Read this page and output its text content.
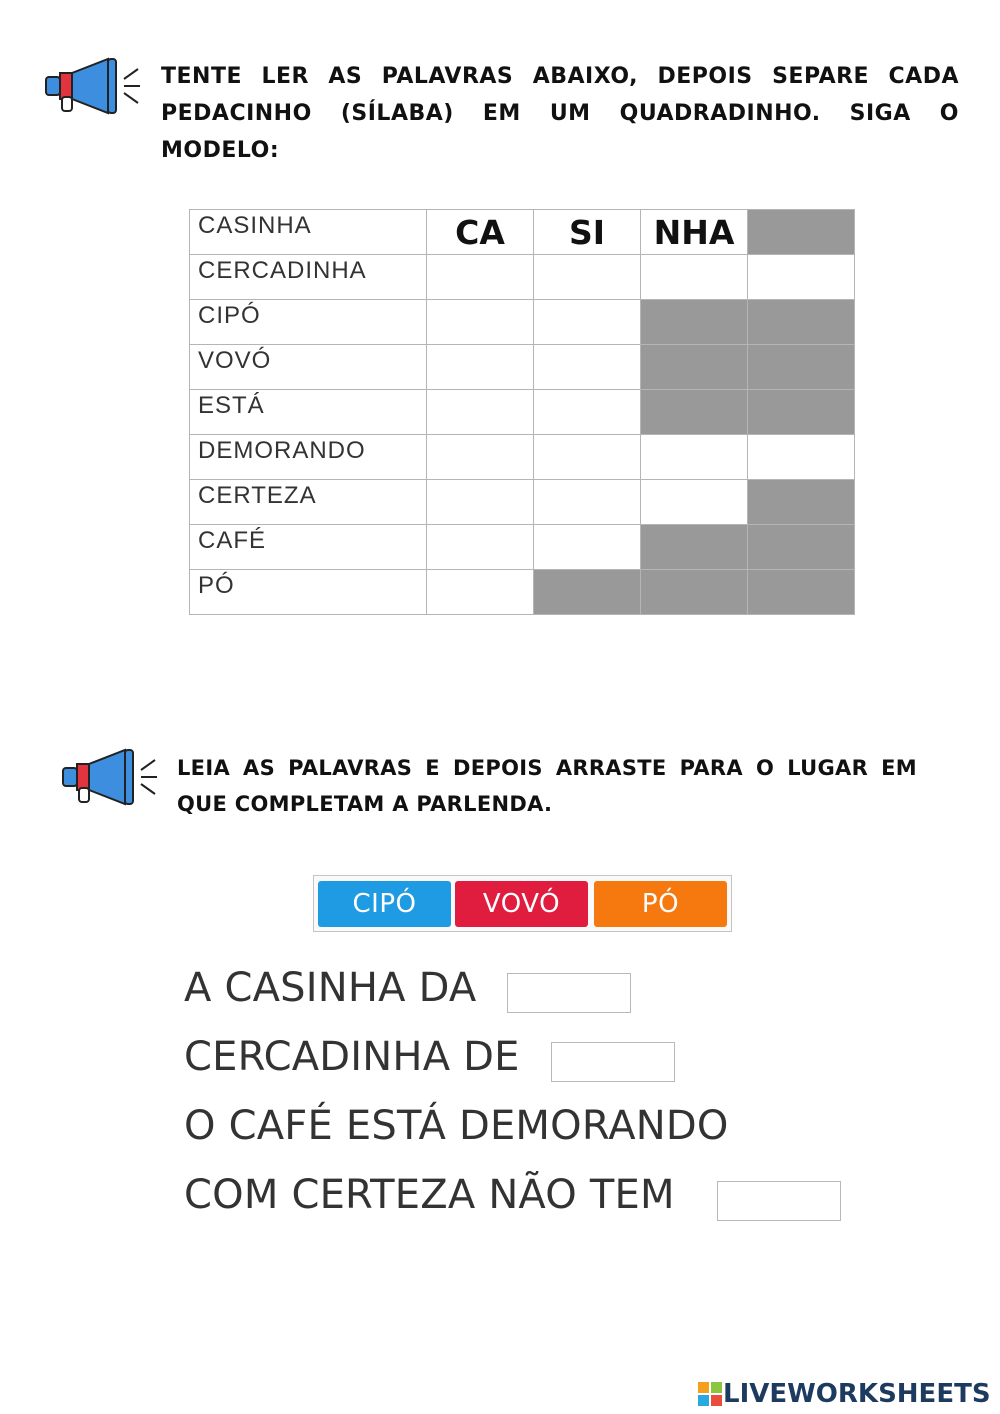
TENTE LER AS PALAVRAS ABAIXO, DEPOIS SEPARE CADA PEDACINHO (SÍLABA) EM UM QUADRADINHO. SIGA O MODELO:
CASINHA	CA	SI	NHA	

CERCADINHA				
CIPÓ				
VOVÓ				
ESTÁ				
DEMORANDO				
CERTEZA				
CAFÉ				
PÓ				
LEIA AS PALAVRAS E DEPOIS ARRASTE PARA O LUGAR EM QUE COMPLETAM A PARLENDA.
CIPÓ	VOVÓ	PÓ
A CASINHA DA
CERCADINHA DE
O CAFÉ ESTÁ DEMORANDO
COM CERTEZA NÃO TEM
LIVEWORKSHEETS
